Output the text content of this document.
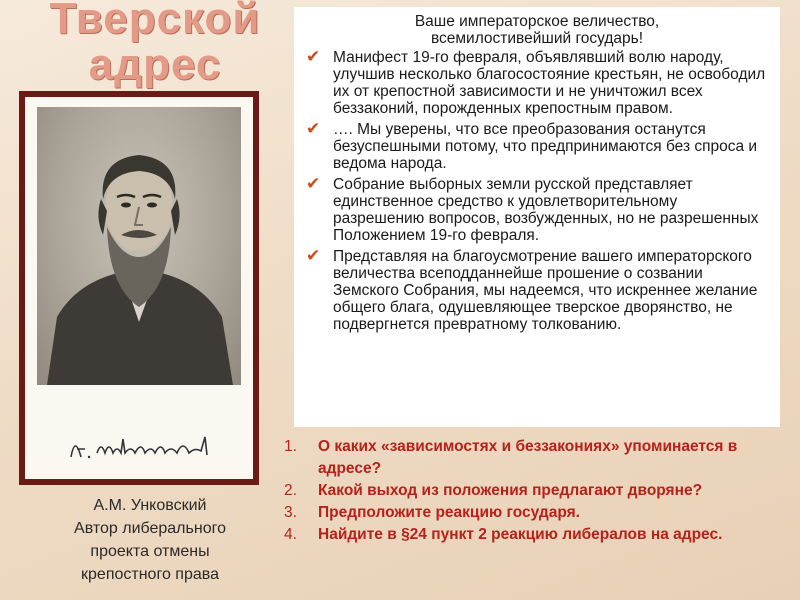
Тверской
адрес
А.М. Унковский
Автор либерального
проекта отмены
крепостного права
Ваше императорское величество,
всемилостивейший государь!
✔ Манифест 19-го февраля, объявлявший волю народу, улучшив несколько благосостояние крестьян, не освободил их от крепостной зависимости и не уничтожил всех беззаконий, порожденных крепостным правом.
✔ …. Мы уверены, что все преобразования останутся безуспешными потому, что предпринимаются без спроса и ведома народа.
✔ Собрание выборных земли русской представляет единственное средство к удовлетворительному разрешению вопросов, возбужденных, но не разрешенных Положением 19-го февраля.
✔ Представляя на благоусмотрение вашего императорского величества всеподданнейше прошение о созвании Земского Собрания, мы надеемся, что искреннее желание общего блага, одушевляющее тверское дворянство, не подвергнется превратному толкованию.
1. О каких «зависимостях и беззакониях» упоминается в адресе?
2. Какой выход из положения предлагают дворяне?
3. Предположите реакцию государя.
4. Найдите в §24 пункт 2 реакцию либералов на адрес.
